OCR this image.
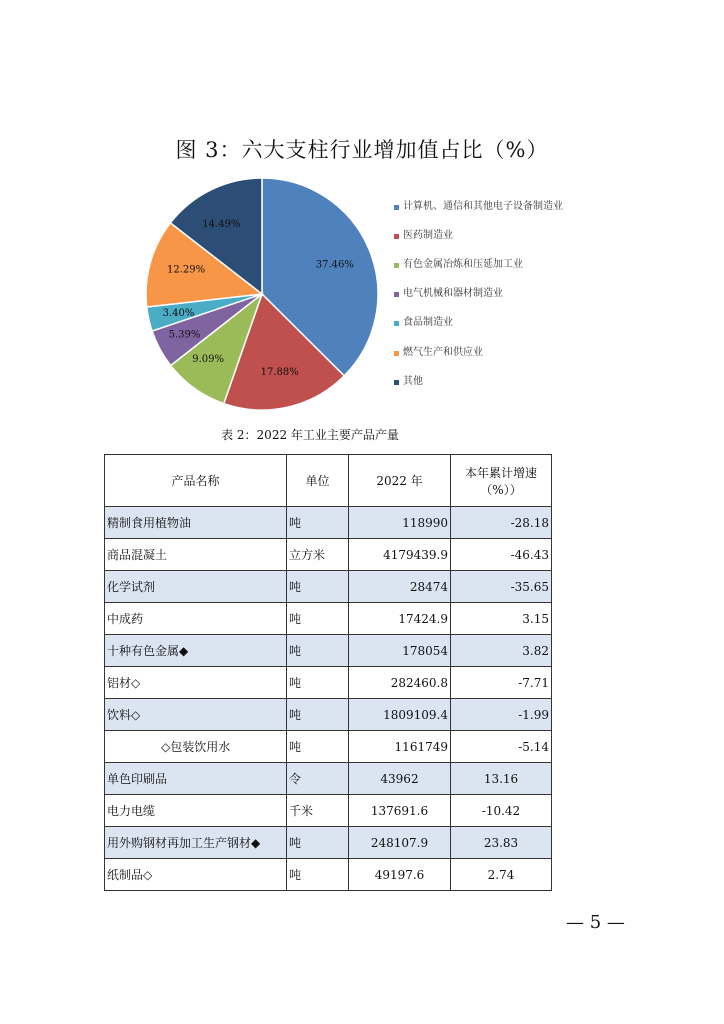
图 3：六大支柱行业增加值占比（%）
37.46%
17.88%
9.09%
5.39%
3.40%
12.29%
14.49%
计算机、通信和其他电子设备制造业
医药制造业
有色金属冶炼和压延加工业
电气机械和器材制造业
食品制造业
燃气生产和供应业
其他
表 2：2022 年工业主要产品产量
产品名称	单位	2022 年	本年累计增速
（%））

精制食用植物油	吨	118990	-28.18
商品混凝土	立方米	4179439.9	-46.43
化学试剂	吨	28474	-35.65
中成药	吨	17424.9	3.15
十种有色金属◆	吨	178054	3.82
铝材◇	吨	282460.8	-7.71
饮料◇	吨	1809109.4	-1.99
◇包装饮用水	吨	1161749	-5.14
单色印刷品	令	43962	13.16
电力电缆	千米	137691.6	-10.42
用外购钢材再加工生产钢材◆	吨	248107.9	23.83
纸制品◇	吨	49197.6	2.74
— 5 —
